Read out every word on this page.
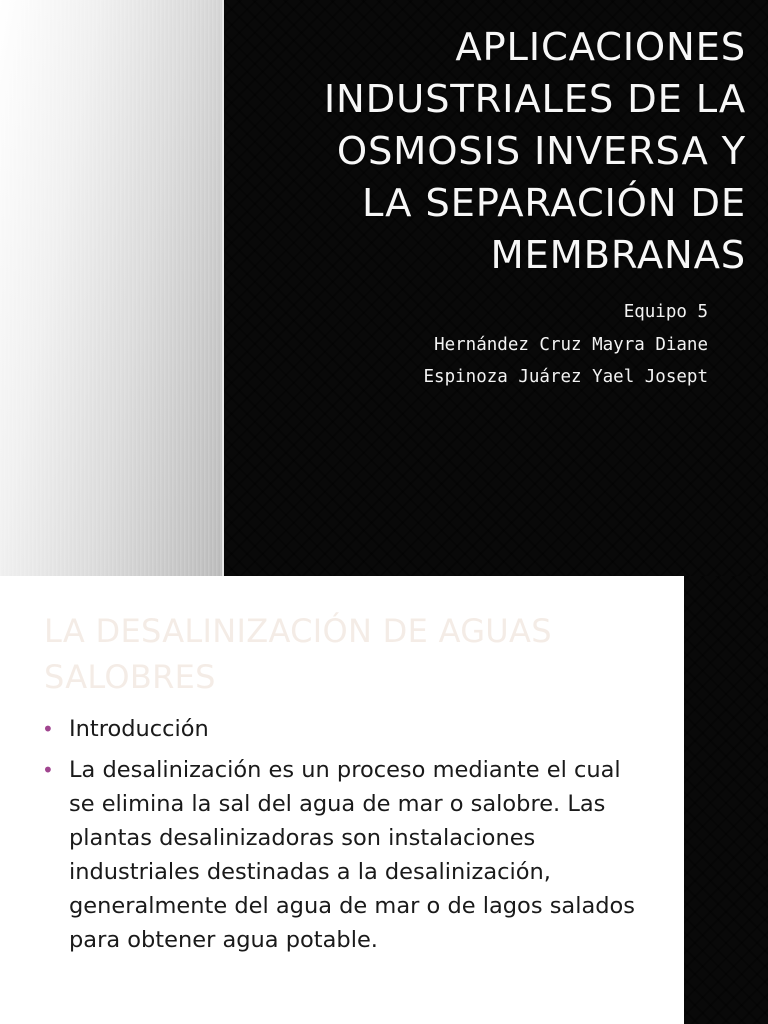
APLICACIONES
INDUSTRIALES DE LA
OSMOSIS INVERSA Y
LA SEPARACIÓN DE
MEMBRANAS
Equipo 5
Hernández Cruz Mayra Diane
Espinoza Juárez Yael Josept
LA DESALINIZACIÓN DE AGUAS SALOBRES
• Introducción
• La desalinización es un proceso mediante el cual se elimina la sal del agua de mar o salobre. Las plantas desalinizadoras son instalaciones industriales destinadas a la desalinización, generalmente del agua de mar o de lagos salados para obtener agua potable.
